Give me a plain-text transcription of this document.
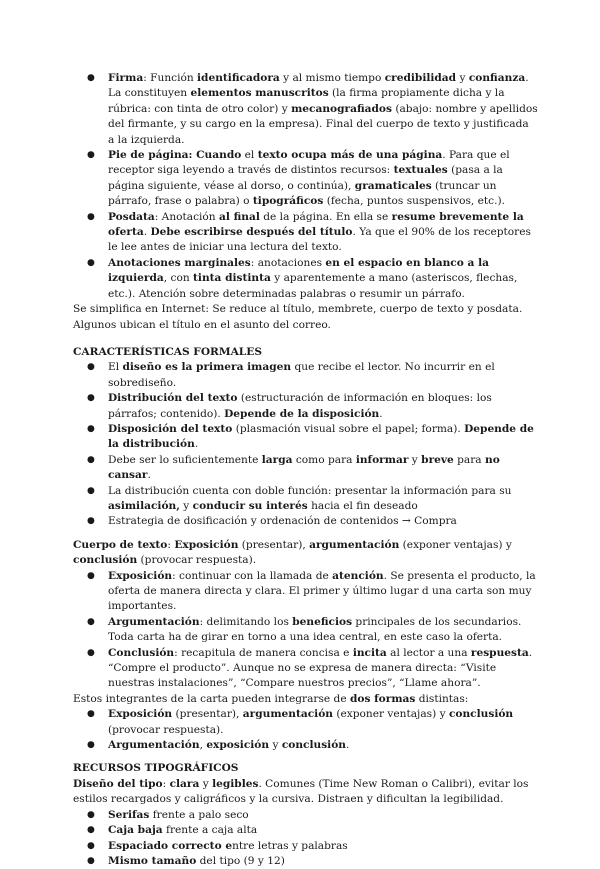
● Firma: Función identificadora y al mismo tiempo credibilidad y confianza. La constituyen elementos manuscritos (la firma propiamente dicha y la rúbrica: con tinta de otro color) y mecanografiados (abajo: nombre y apellidos del firmante, y su cargo en la empresa). Final del cuerpo de texto y justificada a la izquierda.
● Pie de página: Cuando el texto ocupa más de una página. Para que el receptor siga leyendo a través de distintos recursos: textuales (pasa a la página siguiente, véase al dorso, o continúa), gramaticales (truncar un párrafo, frase o palabra) o tipográficos (fecha, puntos suspensivos, etc.).
● Posdata: Anotación al final de la página. En ella se resume brevemente la oferta. Debe escribirse después del título. Ya que el 90% de los receptores le lee antes de iniciar una lectura del texto.
● Anotaciones marginales: anotaciones en el espacio en blanco a la izquierda, con tinta distinta y aparentemente a mano (asteriscos, flechas, etc.). Atención sobre determinadas palabras o resumir un párrafo.

Se simplifica en Internet: Se reduce al título, membrete, cuerpo de texto y posdata. Algunos ubican el título en el asunto del correo.

CARACTERÍSTICAS FORMALES

● El diseño es la primera imagen que recibe el lector. No incurrir en el sobrediseño.
● Distribución del texto (estructuración de información en bloques: los párrafos; contenido). Depende de la disposición.
● Disposición del texto (plasmación visual sobre el papel; forma). Depende de la distribución.
● Debe ser lo suficientemente larga como para informar y breve para no cansar.
● La distribución cuenta con doble función: presentar la información para su asimilación, y conducir su interés hacia el fin deseado
● Estrategia de dosificación y ordenación de contenidos → Compra

Cuerpo de texto: Exposición (presentar), argumentación (exponer ventajas) y conclusión (provocar respuesta).

● Exposición: continuar con la llamada de atención. Se presenta el producto, la oferta de manera directa y clara. El primer y último lugar d una carta son muy importantes.
● Argumentación: delimitando los beneficios principales de los secundarios. Toda carta ha de girar en torno a una idea central, en este caso la oferta.
● Conclusión: recapitula de manera concisa e incita al lector a una respuesta. “Compre el producto”. Aunque no se expresa de manera directa: “Visite nuestras instalaciones”, “Compare nuestros precios”, “Llame ahora”.

Estos integrantes de la carta pueden integrarse de dos formas distintas:

● Exposición (presentar), argumentación (exponer ventajas) y conclusión (provocar respuesta).
● Argumentación, exposición y conclusión.

RECURSOS TIPOGRÁFICOS

Diseño del tipo: clara y legibles. Comunes (Time New Roman o Calibri), evitar los estilos recargados y caligráficos y la cursiva. Distraen y dificultan la legibilidad.

● Serifas frente a palo seco
● Caja baja frente a caja alta
● Espaciado correcto entre letras y palabras
● Mismo tamaño del tipo (9 y 12)
